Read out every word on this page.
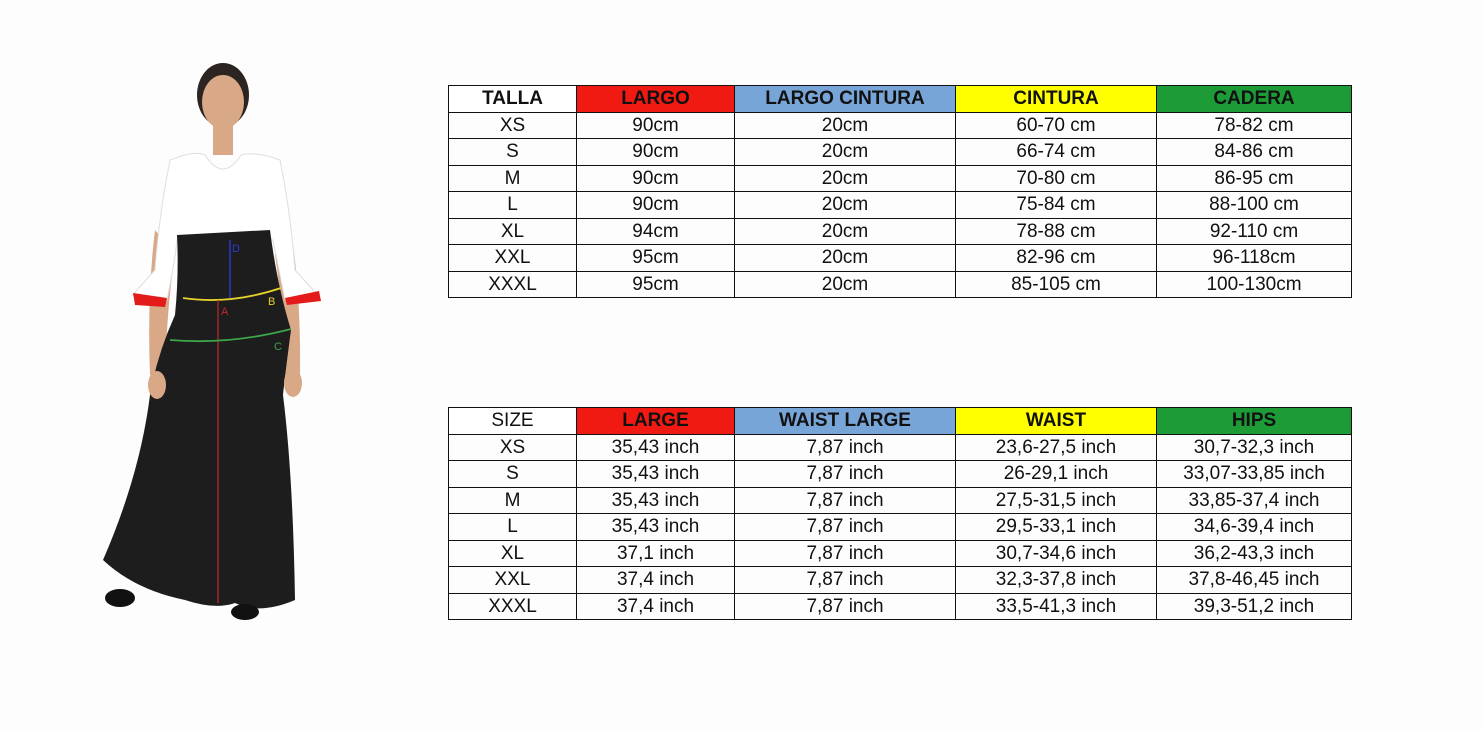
D
B
A
C
TALLA	LARGO	LARGO CINTURA	CINTURA	CADERA
XS	90cm	20cm	60-70 cm	78-82 cm
S	90cm	20cm	66-74 cm	84-86 cm
M	90cm	20cm	70-80 cm	86-95 cm
L	90cm	20cm	75-84 cm	88-100 cm
XL	94cm	20cm	78-88 cm	92-110 cm
XXL	95cm	20cm	82-96 cm	96-118cm
XXXL	95cm	20cm	85-105 cm	100-130cm
SIZE	LARGE	WAIST LARGE	WAIST	HIPS
XS	35,43 inch	7,87 inch	23,6-27,5 inch	30,7-32,3 inch
S	35,43 inch	7,87 inch	26-29,1 inch	33,07-33,85 inch
M	35,43 inch	7,87 inch	27,5-31,5 inch	33,85-37,4 inch
L	35,43 inch	7,87 inch	29,5-33,1 inch	34,6-39,4 inch
XL	37,1 inch	7,87 inch	30,7-34,6 inch	36,2-43,3 inch
XXL	37,4 inch	7,87 inch	32,3-37,8 inch	37,8-46,45 inch
XXXL	37,4 inch	7,87 inch	33,5-41,3 inch	39,3-51,2 inch
